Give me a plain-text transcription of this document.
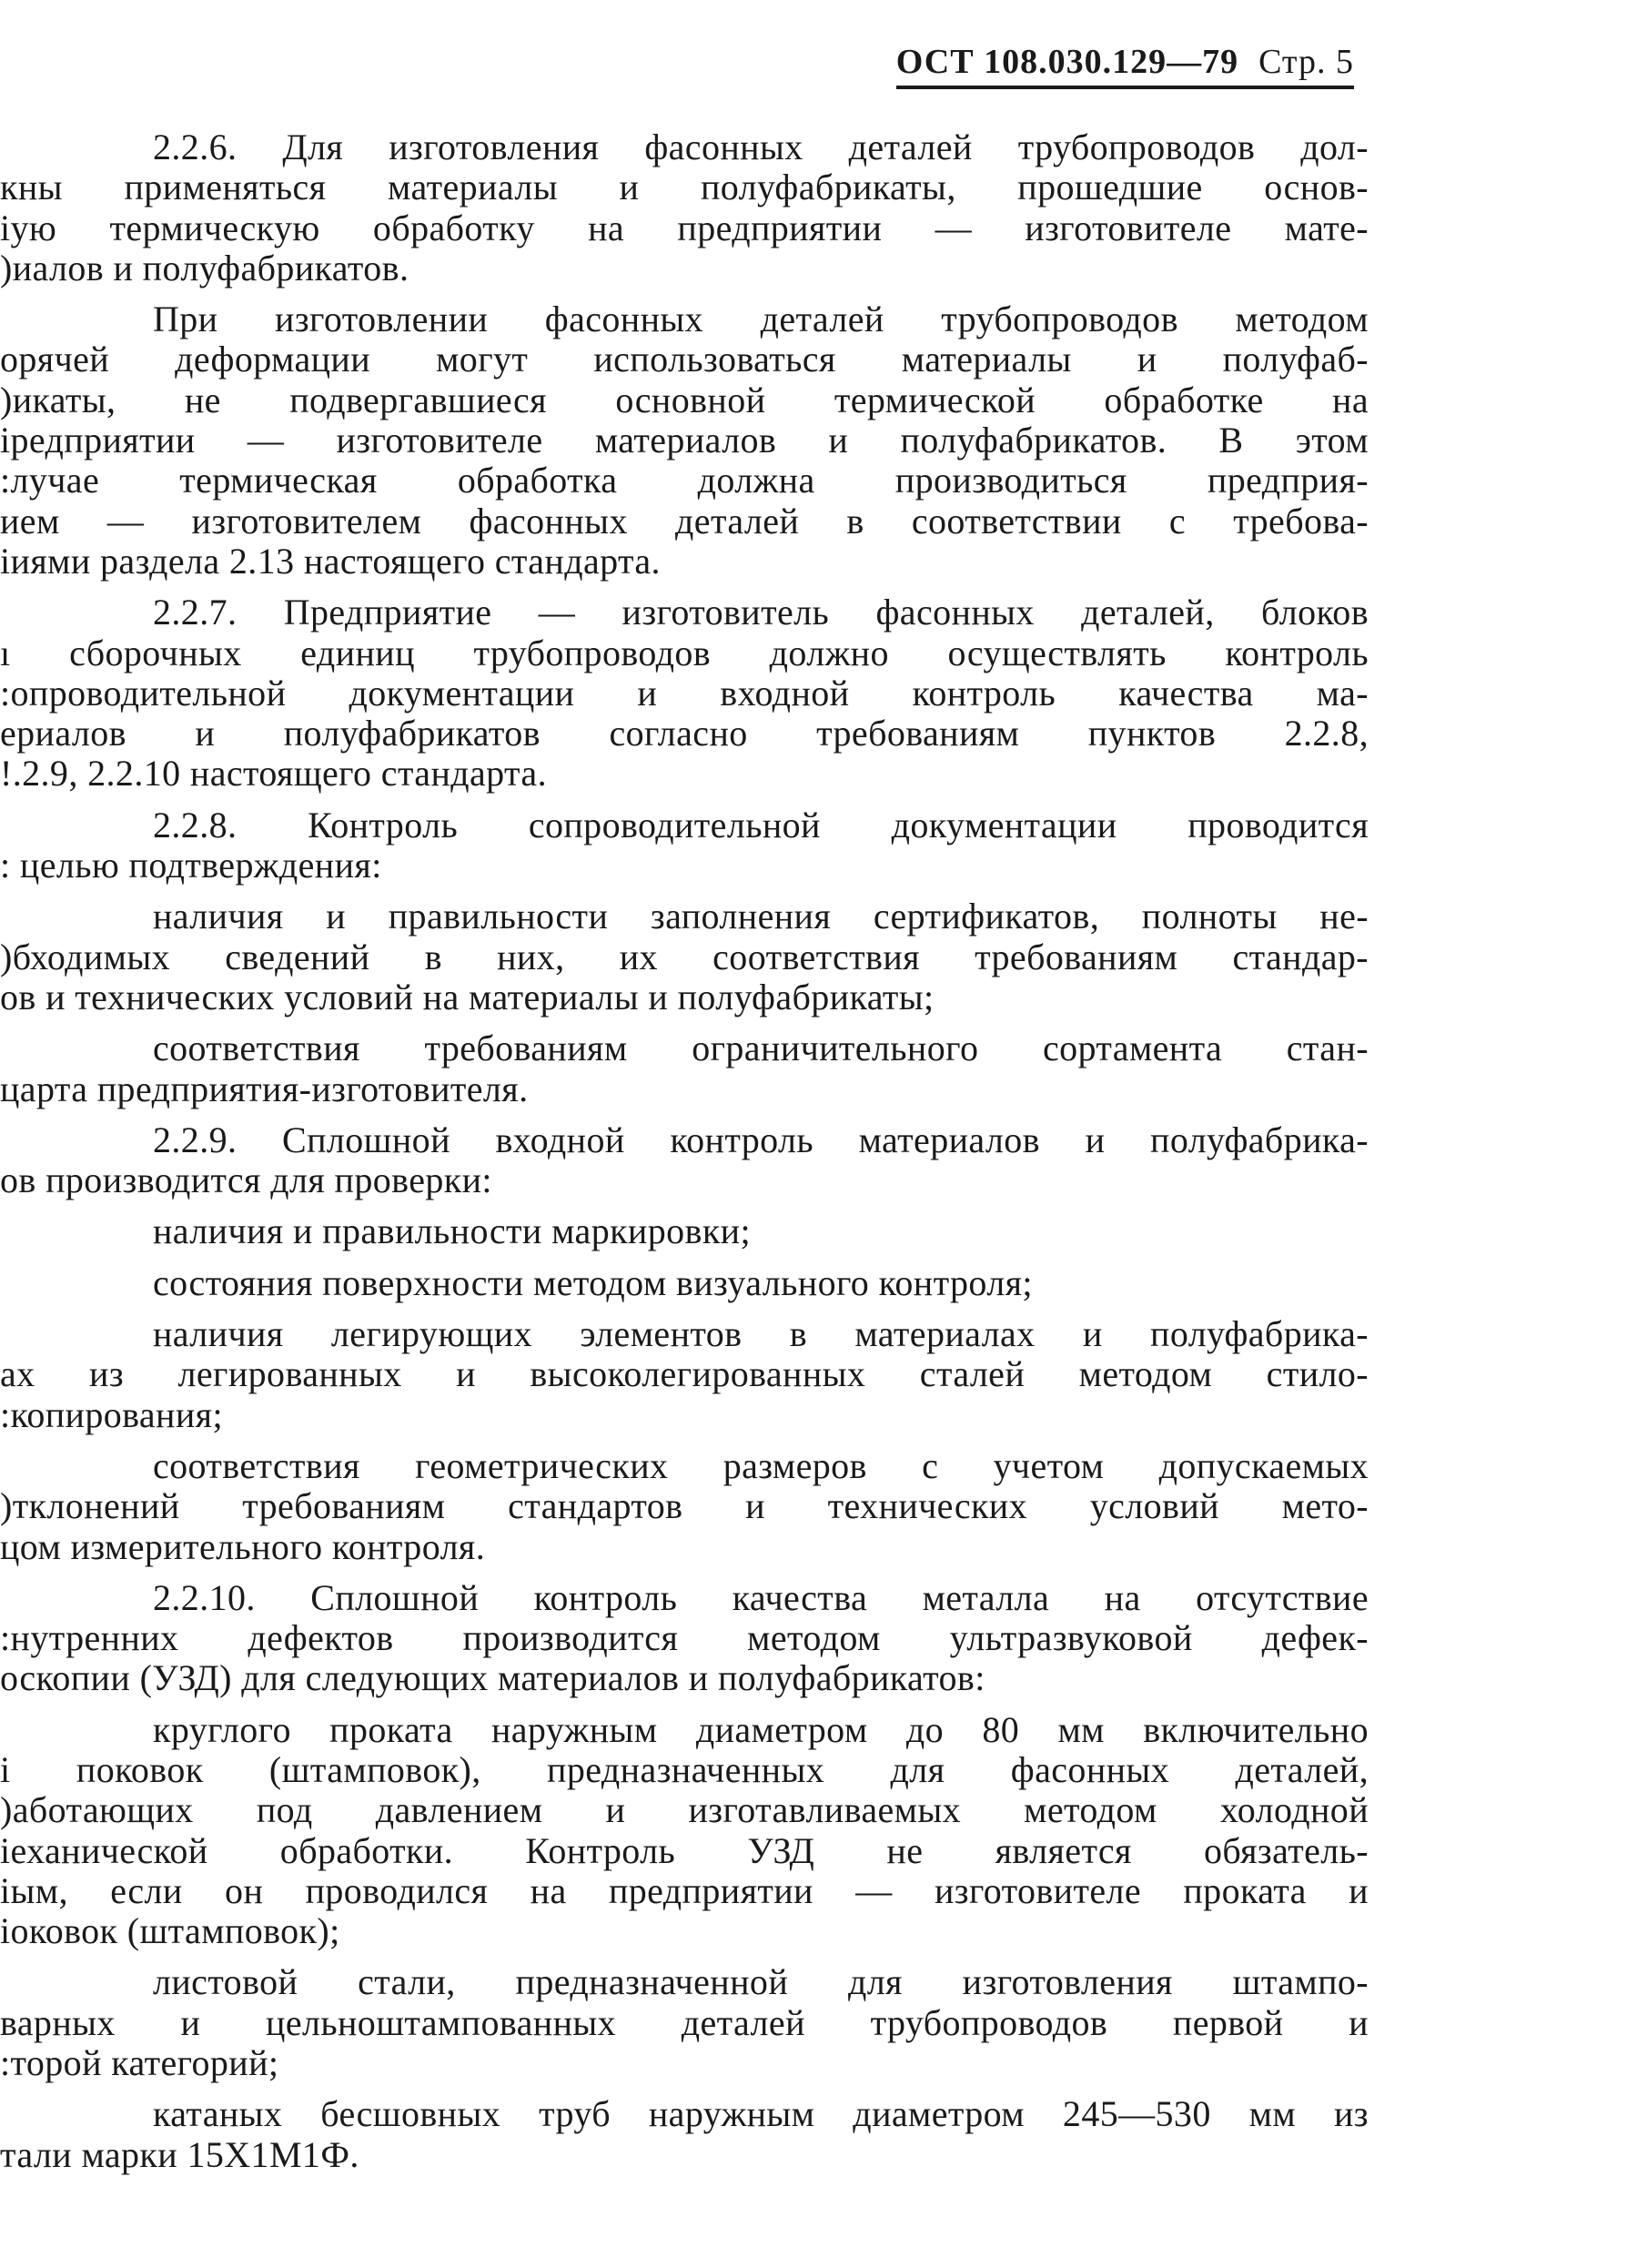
ОСТ 108.030.129—79 Стр. 5
2.2.6. Для изготовления фасонных деталей трубопроводов дол-
кны применяться материалы и полуфабрикаты, прошедшие основ-
іую термическую обработку на предприятии — изготовителе мате-
)иалов и полуфабрикатов.
При изготовлении фасонных деталей трубопроводов методом
орячей деформации могут использоваться материалы и полуфаб-
)икаты, не подвергавшиеся основной термической обработке на
іредприятии — изготовителе материалов и полуфабрикатов. В этом
:лучае термическая обработка должна производиться предприя-
ием — изготовителем фасонных деталей в соответствии с требова-
іиями раздела 2.13 настоящего стандарта.
2.2.7. Предприятие — изготовитель фасонных деталей, блоков
ı сборочных единиц трубопроводов должно осуществлять контроль
:опроводительной документации и входной контроль качества ма-
ериалов и полуфабрикатов согласно требованиям пунктов 2.2.8,
!.2.9, 2.2.10 настоящего стандарта.
2.2.8. Контроль сопроводительной документации проводится
: целью подтверждения:
наличия и правильности заполнения сертификатов, полноты не-
)бходимых сведений в них, их соответствия требованиям стандар-
ов и технических условий на материалы и полуфабрикаты;
соответствия требованиям ограничительного сортамента стан-
царта предприятия-изготовителя.
2.2.9. Сплошной входной контроль материалов и полуфабрика-
ов производится для проверки:
наличия и правильности маркировки;
состояния поверхности методом визуального контроля;
наличия легирующих элементов в материалах и полуфабрика-
ах из легированных и высоколегированных сталей методом стило-
:копирования;
соответствия геометрических размеров с учетом допускаемых
)тклонений требованиям стандартов и технических условий мето-
цом измерительного контроля.
2.2.10. Сплошной контроль качества металла на отсутствие
:нутренних дефектов производится методом ультразвуковой дефек-
оскопии (УЗД) для следующих материалов и полуфабрикатов:
круглого проката наружным диаметром до 80 мм включительно
і поковок (штамповок), предназначенных для фасонных деталей,
)аботающих под давлением и изготавливаемых методом холодной
іеханической обработки. Контроль УЗД не является обязатель-
іым, если он проводился на предприятии — изготовителе проката и
іоковок (штамповок);
листовой стали, предназначенной для изготовления штампо-
варных и цельноштампованных деталей трубопроводов первой и
:торой категорий;
катаных бесшовных труб наружным диаметром 245—530 мм из
тали марки 15Х1М1Ф.
